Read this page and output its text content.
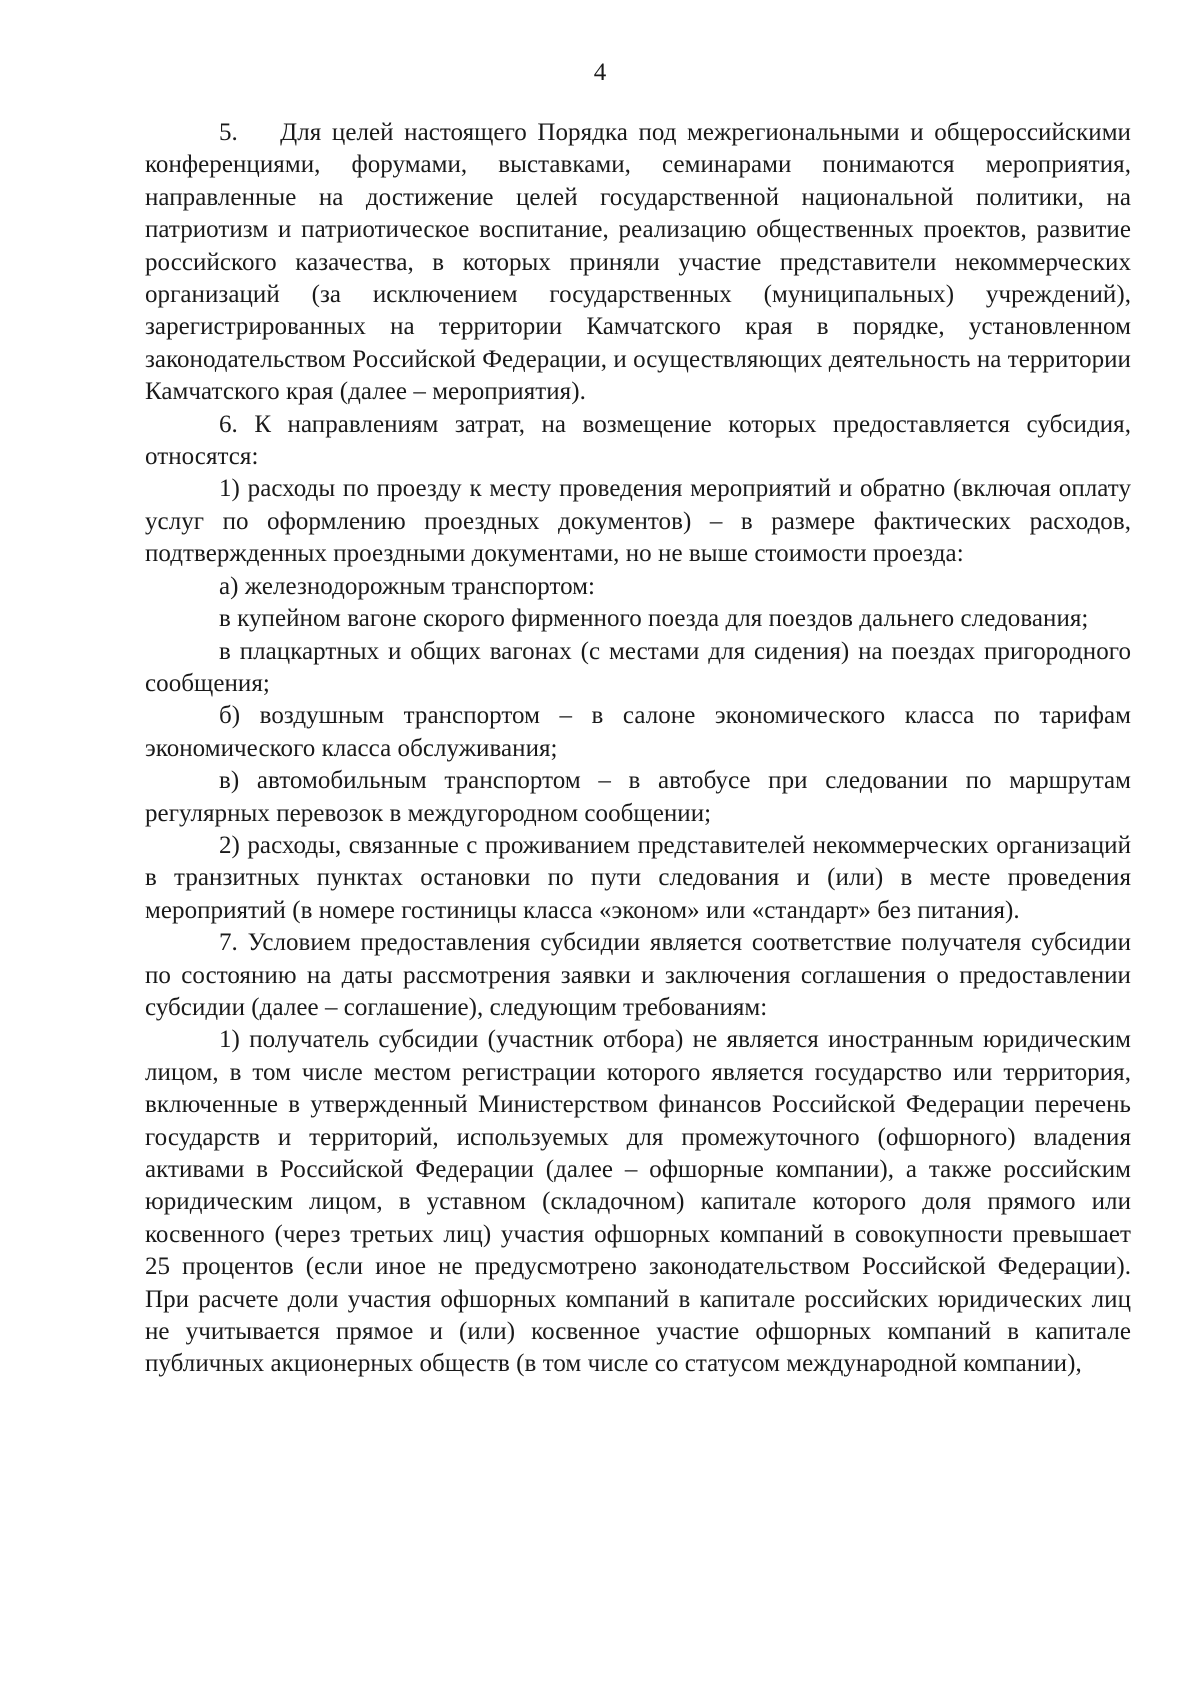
4

5.    Для целей настоящего Порядка под межрегиональными и общероссийскими конференциями, форумами, выставками, семинарами понимаются мероприятия, направленные на достижение целей государственной национальной политики, на патриотизм и патриотическое воспитание, реализацию общественных проектов, развитие российского казачества, в которых приняли участие представители некоммерческих организаций (за исключением государственных (муниципальных) учреждений), зарегистрированных на территории Камчатского края в порядке, установленном законодательством Российской Федерации, и осуществляющих деятельность на территории Камчатского края (далее – мероприятия).

6. К направлениям затрат, на возмещение которых предоставляется субсидия, относятся:

1) расходы по проезду к месту проведения мероприятий и обратно (включая оплату услуг по оформлению проездных документов) – в размере фактических расходов, подтвержденных проездными документами, но не выше стоимости проезда:

а) железнодорожным транспортом:

в купейном вагоне скорого фирменного поезда для поездов дальнего следования;

в плацкартных и общих вагонах (с местами для сидения) на поездах пригородного сообщения;

б) воздушным транспортом – в салоне экономического класса по тарифам экономического класса обслуживания;

в) автомобильным транспортом – в автобусе при следовании по маршрутам регулярных перевозок в междугородном сообщении;

2) расходы, связанные с проживанием представителей некоммерческих организаций в транзитных пунктах остановки по пути следования и (или) в месте проведения мероприятий (в номере гостиницы класса «эконом» или «стандарт» без питания).

7. Условием предоставления субсидии является соответствие получателя субсидии по состоянию на даты рассмотрения заявки и заключения соглашения о предоставлении субсидии (далее – соглашение), следующим требованиям:

1) получатель субсидии (участник отбора) не является иностранным юридическим лицом, в том числе местом регистрации которого является государство или территория, включенные в утвержденный Министерством финансов Российской Федерации перечень государств и территорий, используемых для промежуточного (офшорного) владения активами в Российской Федерации (далее – офшорные компании), а также российским юридическим лицом, в уставном (складочном) капитале которого доля прямого или косвенного (через третьих лиц) участия офшорных компаний в совокупности превышает 25 процентов (если иное не предусмотрено законодательством Российской Федерации). При расчете доли участия офшорных компаний в капитале российских юридических лиц не учитывается прямое и (или) косвенное участие офшорных компаний в капитале публичных акционерных обществ (в том числе со статусом международной компании),
